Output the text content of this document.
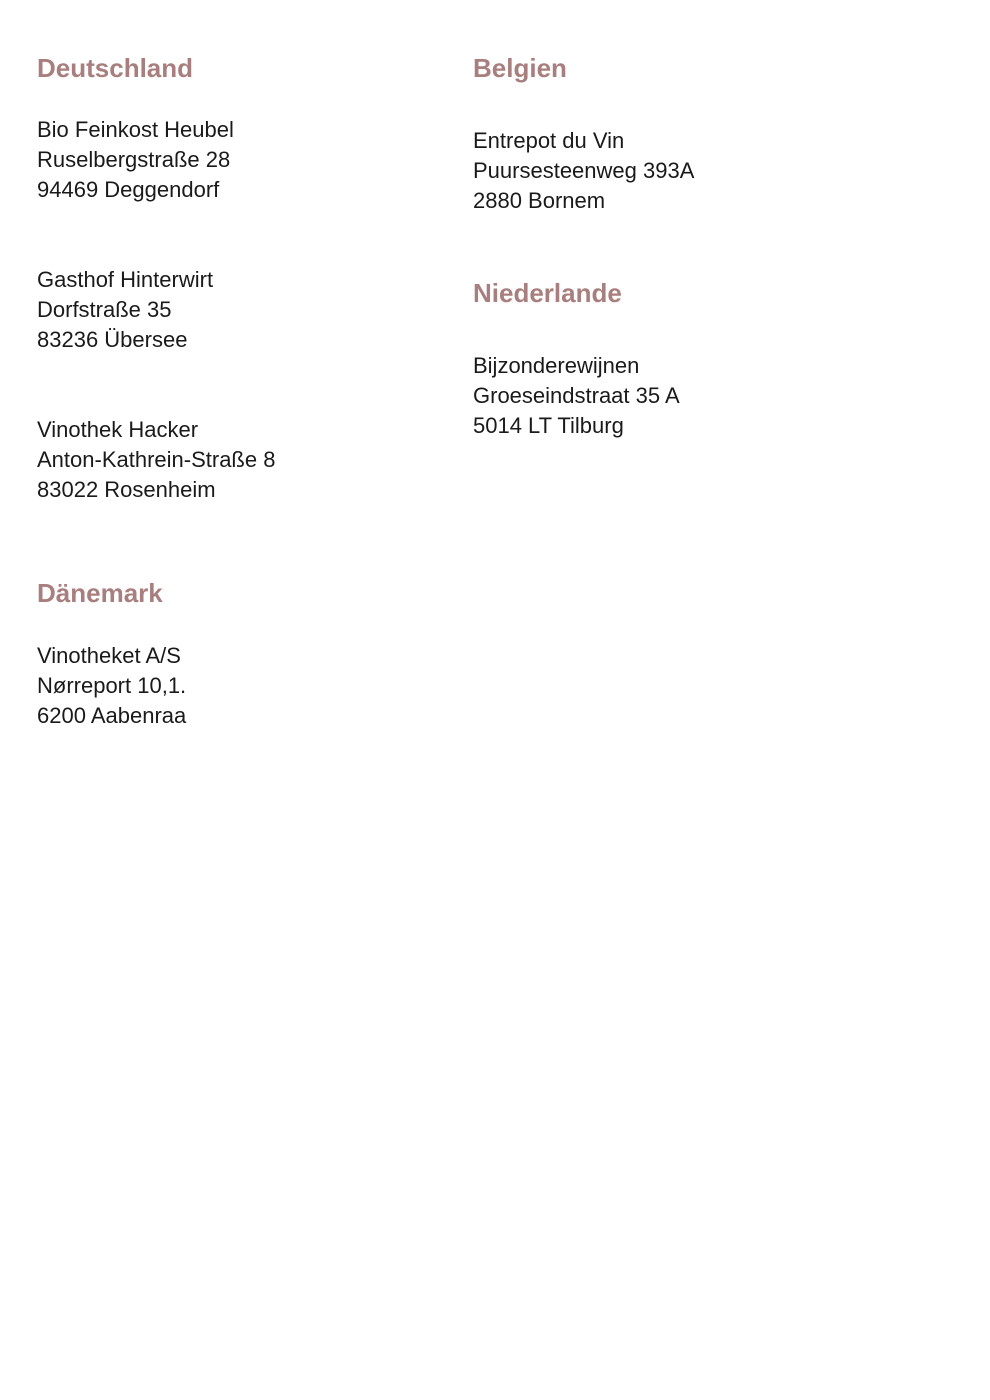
Deutschland
Bio Feinkost Heubel
Ruselbergstraße 28
94469 Deggendorf
Gasthof Hinterwirt
Dorfstraße 35
83236 Übersee
Vinothek Hacker
Anton-Kathrein-Straße 8
83022 Rosenheim
Dänemark
Vinotheket A/S
Nørreport 10,1.
6200 Aabenraa
Belgien
Entrepot du Vin
Puursesteenweg 393A
2880 Bornem
Niederlande
Bijzonderewijnen
Groeseindstraat 35 A
5014 LT Tilburg
